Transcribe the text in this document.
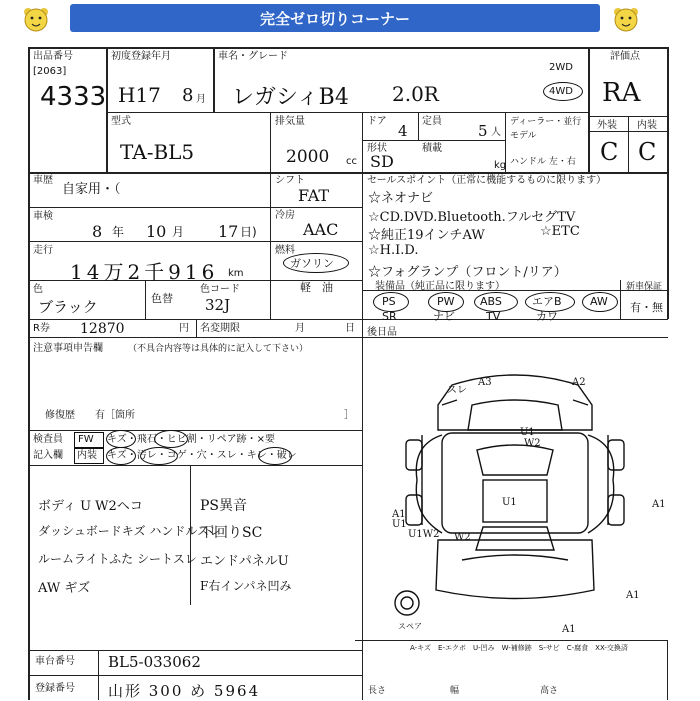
完全ゼロ切りコーナー
出品番号
[2063]
4333
初度登録年月
H17 8 月
車名・グレード
レガシィB4 2.0R
2WD
4WD
評価点
RA
外装 内装
C C
型式
TA-BL5
排気量
2000 cc
ドア
4
定員
5 人
ディーラー・並行
モデル
ハンドル 左・右
形状
SD
積載
kg
車歴
自家用・（
シフト
FAT
車検
8 年 10 月 17 日)
冷房
AAC
走行
14万2千916 km
燃料
ガソリン
軽　油
色
ブラック	色替
色コード
32J
R券 12870	円 名変期限	月	日
セールスポイント（正常に機能するものに限ります）
☆ネオナビ
☆CD.DVD.Bluetooth.フルセグTV
☆純正19インチAW	☆ETC
☆H.I.D.
☆フォグランプ（フロント/リア）
装備品（純正品に限ります）	新車保証
有・無
PS	PW ABS	エアB	AW
SR	ナビ	TV	カワ
後日品
注意事項申告欄	（不具合内容等は具体的に記入して下さい）
修復歴　　有［箇所	］
検査員
記入欄
FW キズ・飛石・ヒビ割・リペア跡・×要
内装 キズ・汚レ・コゲ・穴・スレ・キレ・破レ
ボディ U W2ヘコ
ダッシュボードキズ ハンドルスレ
ルームライトふた シートスレ
AW ギズ
PS異音
下回りSC
エンドパネルU
F右インパネ凹み
車台番号 BL5-033062
登録番号 山形 300 め 5964
A-キズ　E-エクボ　U-凹み　W-補修跡　S-サビ　C-腐食　XX-交換済
長さ	幅	高さ
A3	A2
スレ
U1
W2
A1
U1
A1
U1
U1W2 W2
A1
A1
スペア
